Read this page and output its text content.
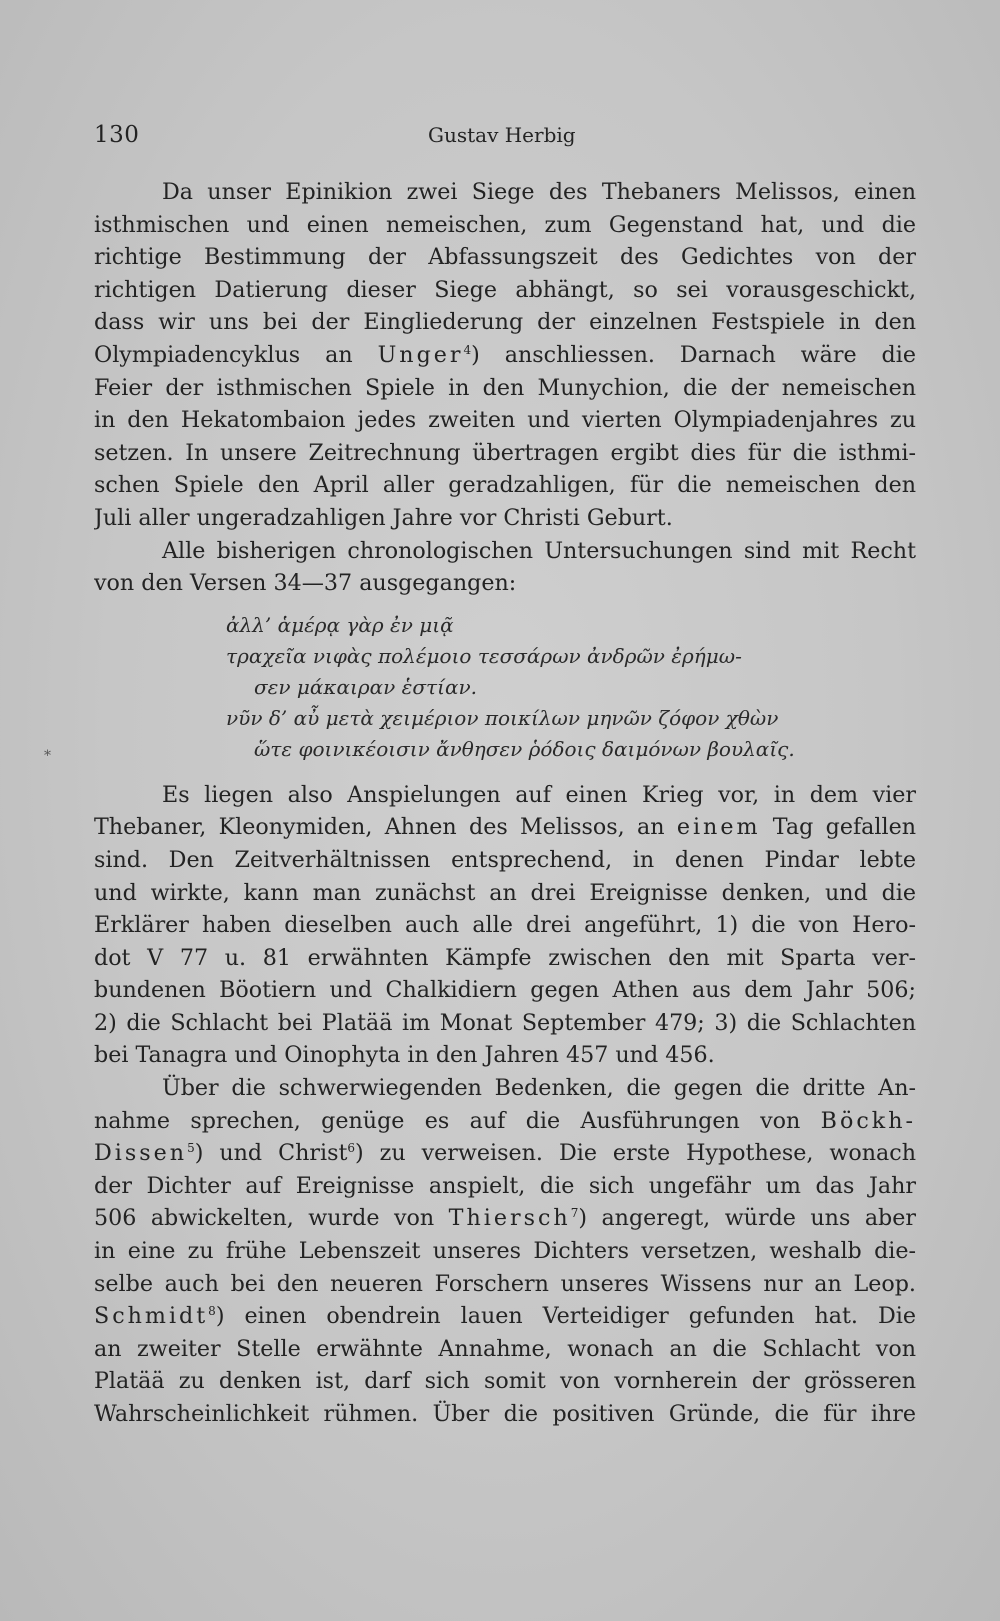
130	Gustav Herbig
*
Da unser Epinikion zwei Siege des Thebaners Melissos, einen
isthmischen und einen nemeischen, zum Gegenstand hat, und die
richtige Bestimmung der Abfassungszeit des Gedichtes von der
richtigen Datierung dieser Siege abhängt, so sei vorausgeschickt,
dass wir uns bei der Eingliederung der einzelnen Festspiele in den
Olympiadencyklus an Unger$^4$) anschliessen. Darnach wäre die
Feier der isthmischen Spiele in den Munychion, die der nemeischen
in den Hekatombaion jedes zweiten und vierten Olympiadenjahres zu
setzen. In unsere Zeitrechnung übertragen ergibt dies für die isthmi-
schen Spiele den April aller geradzahligen, für die nemeischen den
Juli aller ungeradzahligen Jahre vor Christi Geburt.
Alle bisherigen chronologischen Untersuchungen sind mit Recht
von den Versen 34—37 ausgegangen:
ἀλλ’ ἁμέρᾳ γὰρ ἐν μιᾷ
τραχεῖα νιφὰς πολέμοιο τεσσάρων ἀνδρῶν ἐρήμω-
σεν μάκαιραν ἑστίαν.
νῦν δ’ αὖ μετὰ χειμέριον ποικίλων μηνῶν ζόφον χθὼν
ὥτε φοινικέοισιν ἄνθησεν ῥόδοις δαιμόνων βουλαῖς.
Es liegen also Anspielungen auf einen Krieg vor, in dem vier
Thebaner, Kleonymiden, Ahnen des Melissos, an einem Tag gefallen
sind. Den Zeitverhältnissen entsprechend, in denen Pindar lebte
und wirkte, kann man zunächst an drei Ereignisse denken, und die
Erklärer haben dieselben auch alle drei angeführt, 1) die von Hero-
dot V 77 u. 81 erwähnten Kämpfe zwischen den mit Sparta ver-
bundenen Böotiern und Chalkidiern gegen Athen aus dem Jahr 506;
2) die Schlacht bei Platää im Monat September 479; 3) die Schlachten
bei Tanagra und Oinophyta in den Jahren 457 und 456.
Über die schwerwiegenden Bedenken, die gegen die dritte An-
nahme sprechen, genüge es auf die Ausführungen von Böckh-
Dissen$^5$) und Christ$^6$) zu verweisen. Die erste Hypothese, wonach
der Dichter auf Ereignisse anspielt, die sich ungefähr um das Jahr
506 abwickelten, wurde von Thiersch$^7$) angeregt, würde uns aber
in eine zu frühe Lebenszeit unseres Dichters versetzen, weshalb die-
selbe auch bei den neueren Forschern unseres Wissens nur an Leop.
Schmidt$^8$) einen obendrein lauen Verteidiger gefunden hat. Die
an zweiter Stelle erwähnte Annahme, wonach an die Schlacht von
Platää zu denken ist, darf sich somit von vornherein der grösseren
Wahrscheinlichkeit rühmen. Über die positiven Gründe, die für ihre
